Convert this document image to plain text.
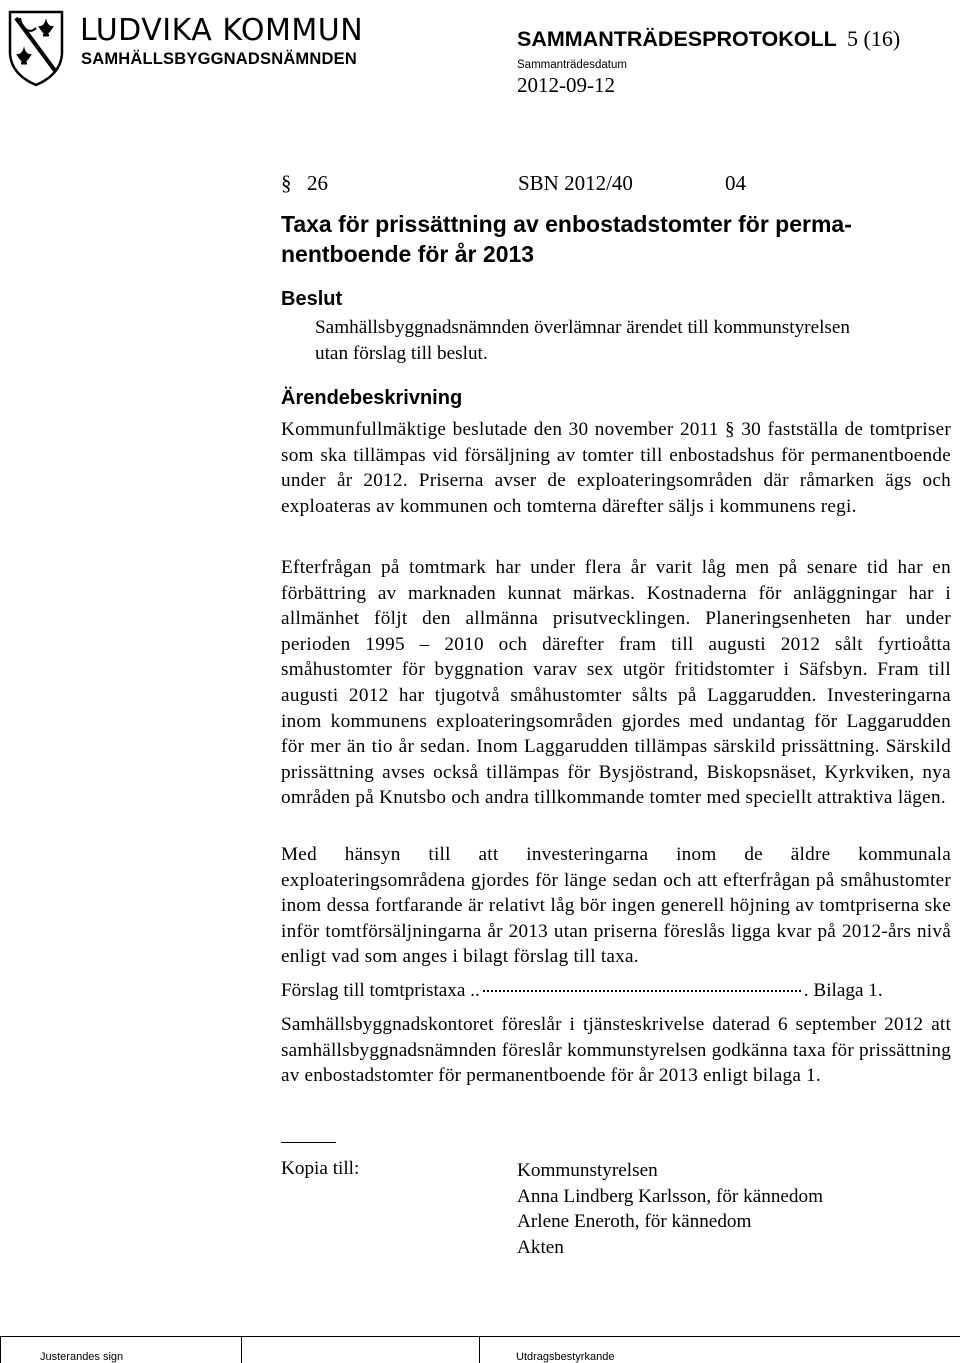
LUDVIKA KOMMUN
SAMHÄLLSBYGGNADSNÄMNDEN
SAMMANTRÄDESPROTOKOLL 5 (16)
Sammanträdesdatum
2012-09-12
§ 26	SBN 2012/40	04
Taxa för prissättning av enbostadstomter för perma-
nentboende för år 2013
Beslut

Samhällsbyggnadsnämnden överlämnar ärendet till kommunstyrelsen
utan förslag till beslut.

Ärendebeskrivning

Kommunfullmäktige beslutade den 30 november 2011 § 30 fastställa de tomtpriser som ska tillämpas vid försäljning av tomter till enbostadshus för permanentboende under år 2012. Priserna avser de exploateringsområden där råmarken ägs och exploateras av kommunen och tomterna därefter säljs i kommunens regi.

Efterfrågan på tomtmark har under flera år varit låg men på senare tid har en förbättring av marknaden kunnat märkas. Kostnaderna för anläggningar har i allmänhet följt den allmänna prisutvecklingen. Planeringsenheten har under perioden 1995 – 2010 och därefter fram till augusti 2012 sålt fyrtioåtta småhustomter för byggnation varav sex utgör fritidstomter i Säfsbyn. Fram till augusti 2012 har tjugotvå småhustomter sålts på Laggarudden. Investeringarna inom kommunens exploateringsområden gjordes med undantag för Laggarudden för mer än tio år sedan. Inom Laggarudden tillämpas särskild prissättning. Särskild prissättning avses också tillämpas för Bysjöstrand, Biskopsnäset, Kyrkviken, nya områden på Knutsbo och andra tillkommande tomter med speciellt attraktiva lägen.

Med hänsyn till att investeringarna inom de äldre kommunala exploateringsområdena gjordes för länge sedan och att efterfrågan på småhustomter inom dessa fortfarande är relativt låg bör ingen generell höjning av tomtpriserna ske inför tomtförsäljningarna år 2013 utan priserna föreslås ligga kvar på 2012-års nivå enligt vad som anges i bilagt förslag till taxa.

Förslag till tomtpristaxa ..	. Bilaga 1.

Samhällsbyggnadskontoret föreslår i tjänsteskrivelse daterad 6 september 2012 att samhällsbyggnadsnämnden föreslår kommunstyrelsen godkänna taxa för prissättning av enbostadstomter för permanentboende för år 2013 enligt bilaga 1.

Kopia till:	Kommunstyrelsen
Anna Lindberg Karlsson, för kännedom
Arlene Eneroth, för kännedom
Akten
Justerandes sign	Utdragsbestyrkande
